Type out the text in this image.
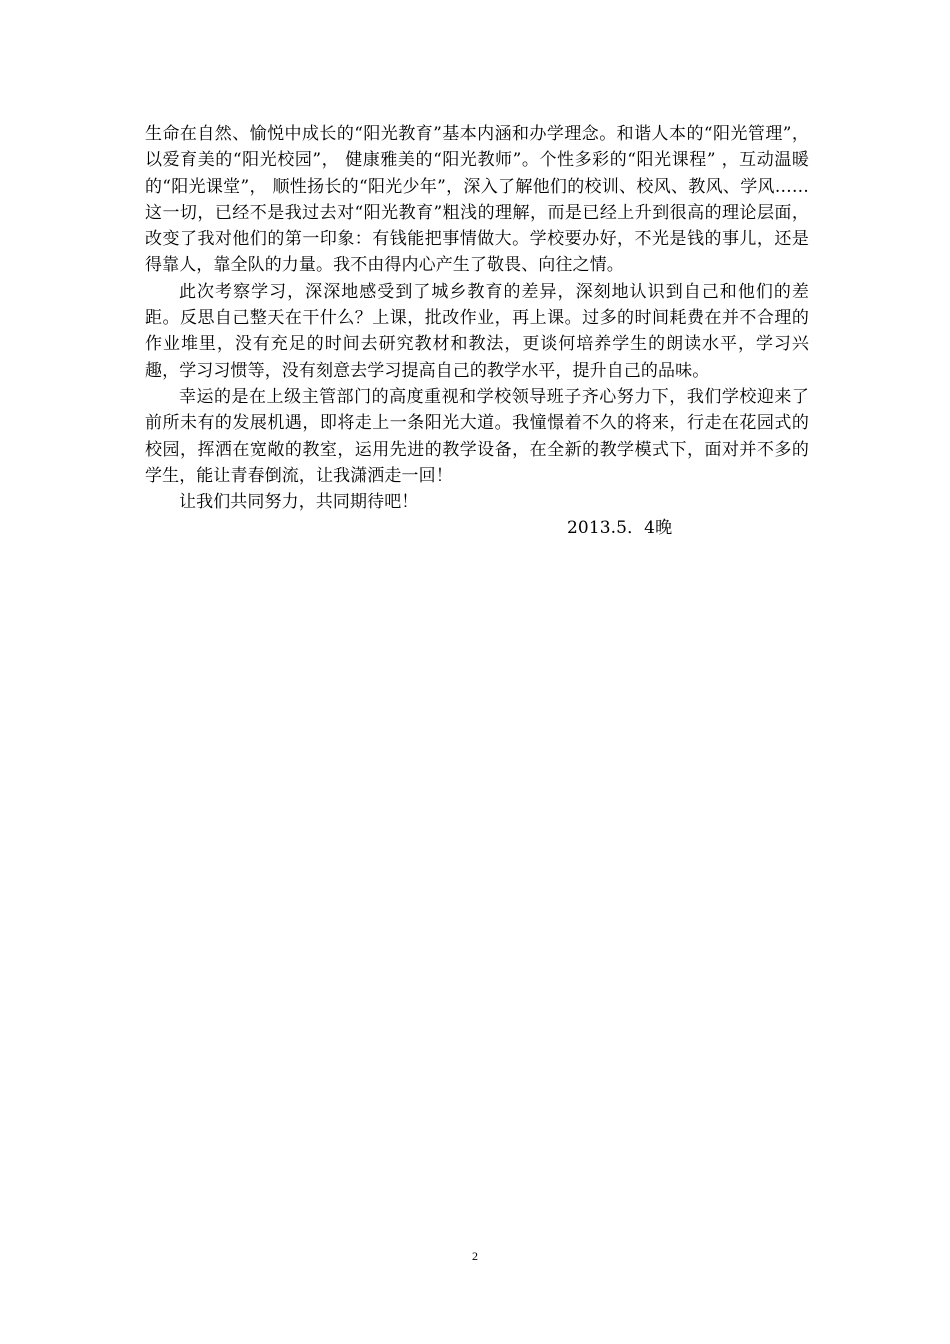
生命在自然、愉悦中成长的“阳光教育”基本内涵和办学理念。和谐人本的“阳光管理”， 以爱育美的“阳光校园”， 健康雅美的“阳光教师”。个性多彩的“阳光课程” ，互动温暖的“阳光课堂”， 顺性扬长的“阳光少年”，深入了解他们的校训、校风、教风、学风……这一切，已经不是我过去对“阳光教育”粗浅的理解，而是已经上升到很高的理论层面，改变了我对他们的第一印象：有钱能把事情做大。学校要办好，不光是钱的事儿，还是得靠人，靠全队的力量。我不由得内心产生了敬畏、向往之情。

此次考察学习，深深地感受到了城乡教育的差异，深刻地认识到自己和他们的差距。反思自己整天在干什么？上课，批改作业，再上课。过多的时间耗费在并不合理的作业堆里，没有充足的时间去研究教材和教法，更谈何培养学生的朗读水平，学习兴趣，学习习惯等，没有刻意去学习提高自己的教学水平，提升自己的品味。

幸运的是在上级主管部门的高度重视和学校领导班子齐心努力下，我们学校迎来了前所未有的发展机遇，即将走上一条阳光大道。我憧憬着不久的将来，行走在花园式的校园，挥洒在宽敞的教室，运用先进的教学设备，在全新的教学模式下，面对并不多的学生，能让青春倒流，让我潇洒走一回！

让我们共同努力，共同期待吧！

2013.5．4晚

2
